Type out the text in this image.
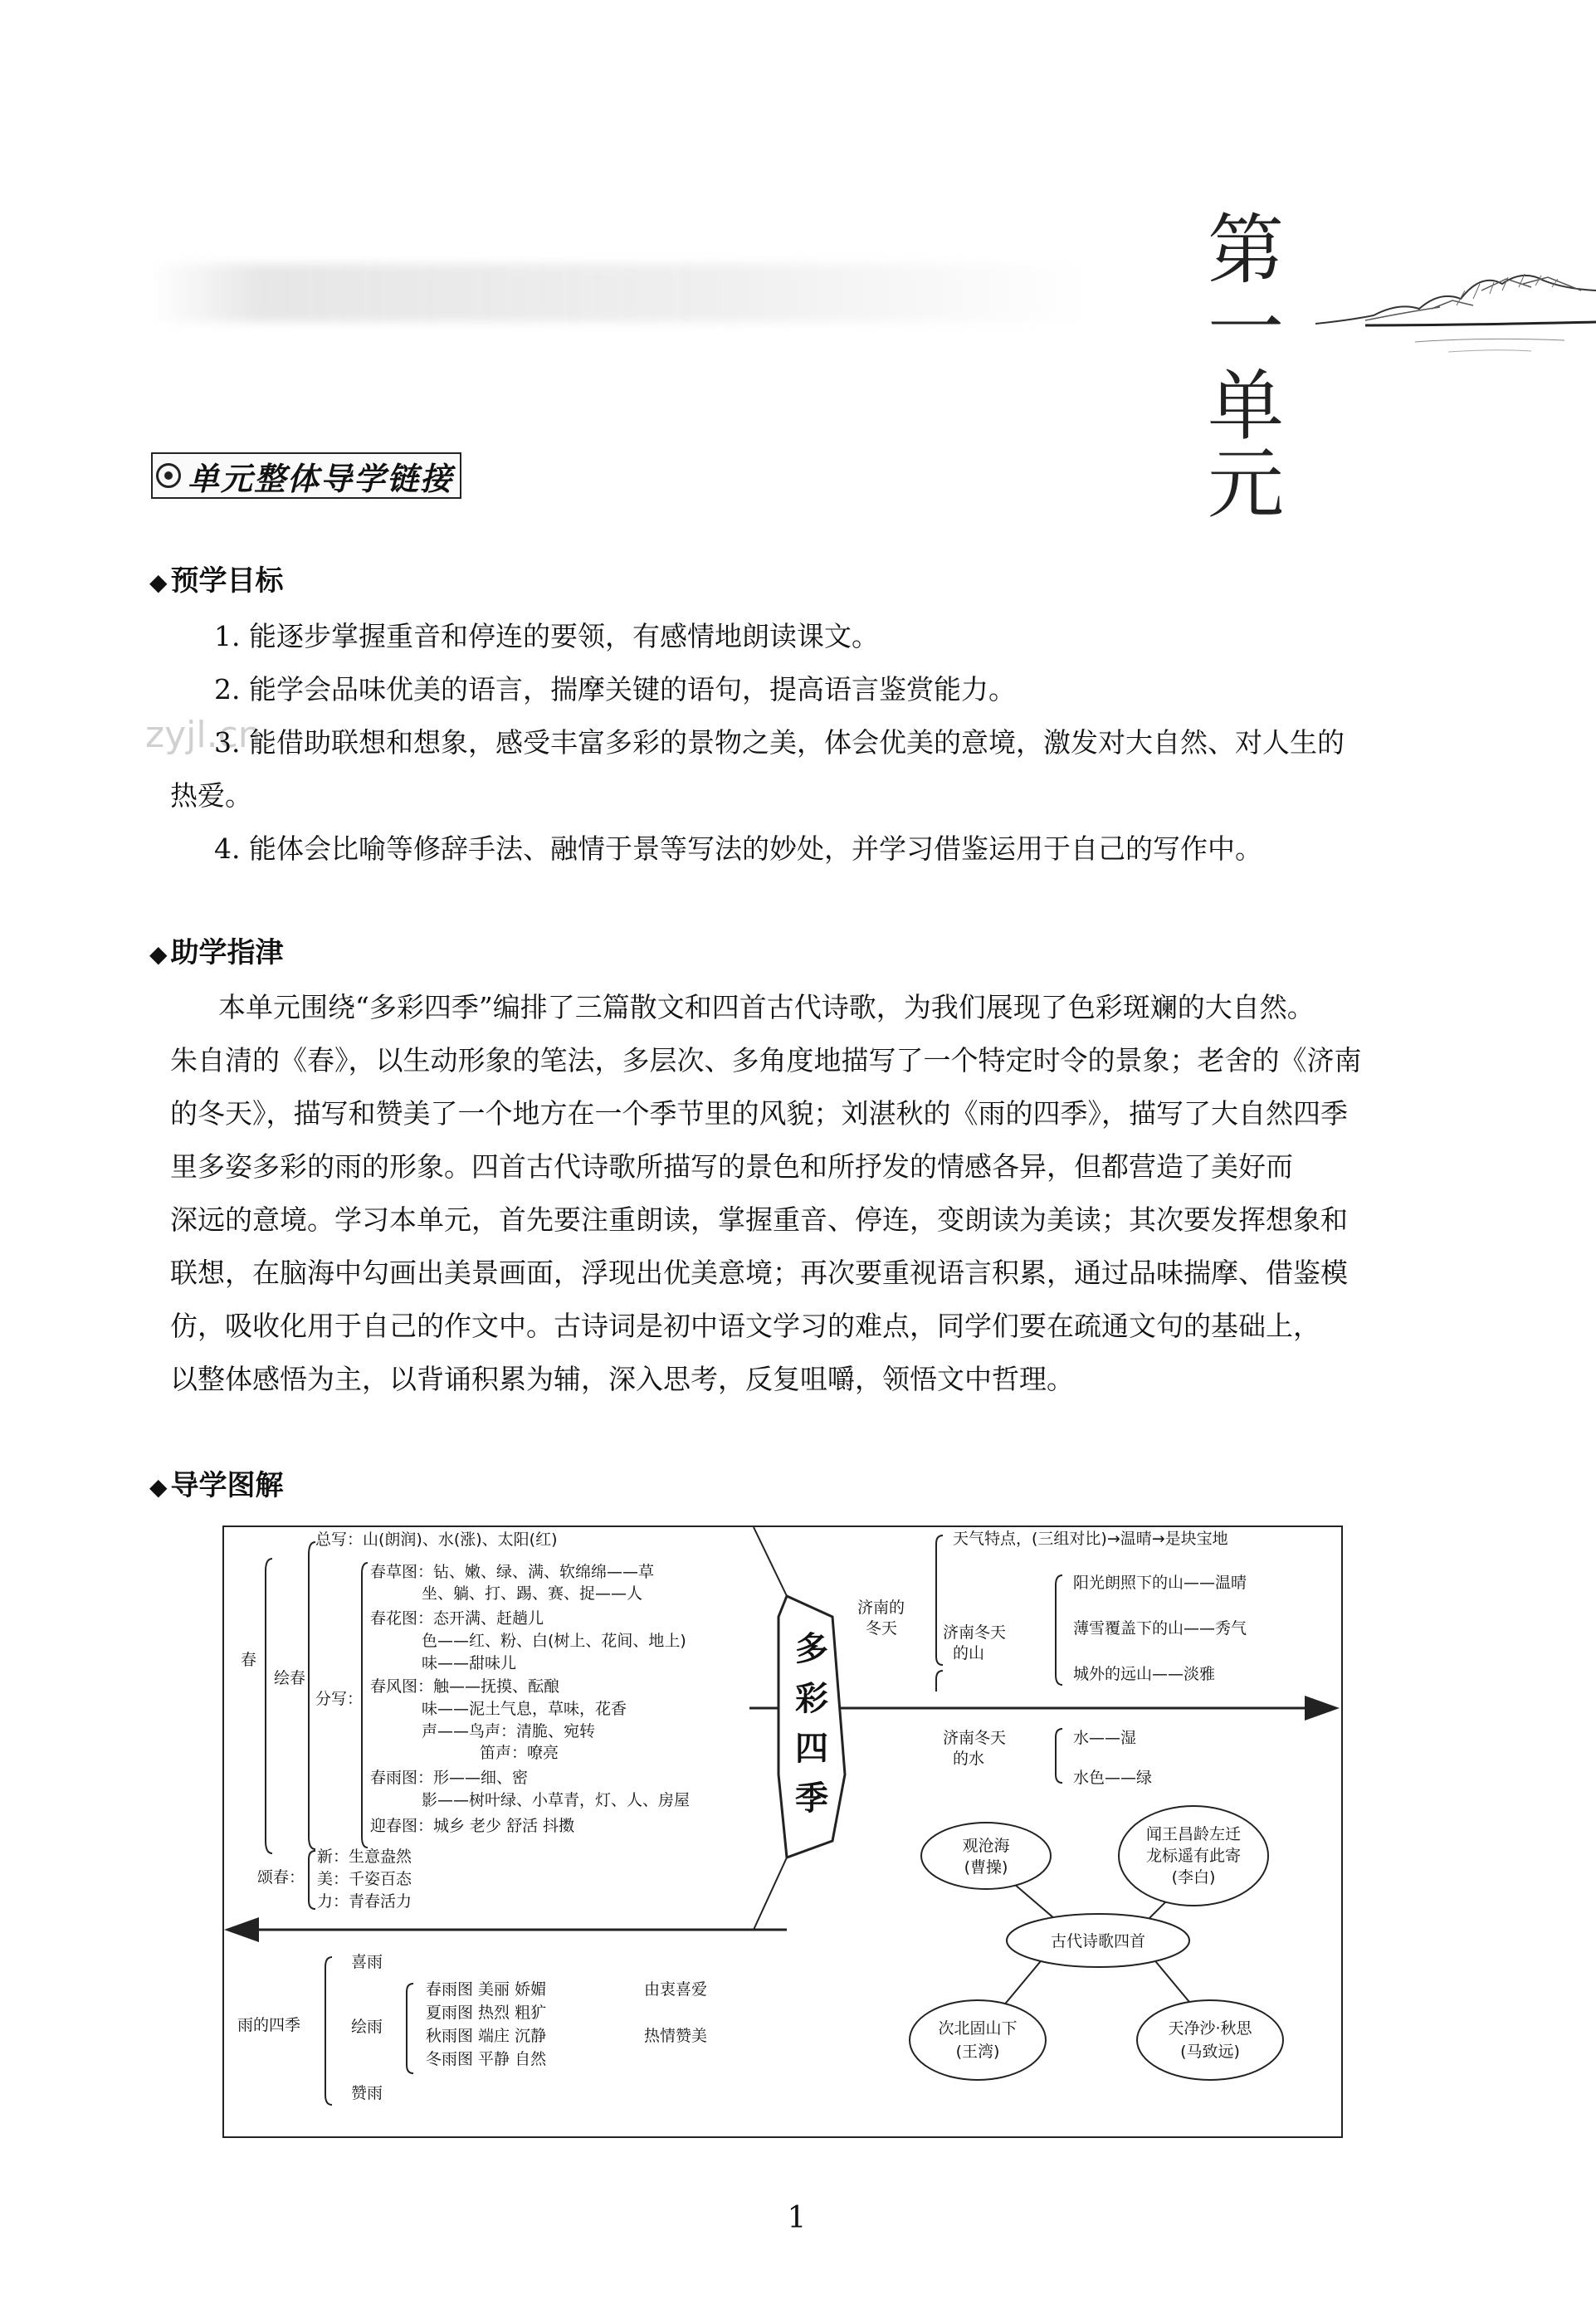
第
一
单
元
单元整体导学链接
zyjl.cn
◆ 预学目标
1. 能逐步掌握重音和停连的要领，有感情地朗读课文。
2. 能学会品味优美的语言，揣摩关键的语句，提高语言鉴赏能力。
3. 能借助联想和想象，感受丰富多彩的景物之美，体会优美的意境，激发对大自然、对人生的
热爱。
4. 能体会比喻等修辞手法、融情于景等写法的妙处，并学习借鉴运用于自己的写作中。
◆ 助学指津
本单元围绕“多彩四季”编排了三篇散文和四首古代诗歌，为我们展现了色彩斑斓的大自然。
朱自清的《春》，以生动形象的笔法，多层次、多角度地描写了一个特定时令的景象；老舍的《济南
的冬天》，描写和赞美了一个地方在一个季节里的风貌；刘湛秋的《雨的四季》，描写了大自然四季
里多姿多彩的雨的形象。四首古代诗歌所描写的景色和所抒发的情感各异，但都营造了美好而
深远的意境。学习本单元，首先要注重朗读，掌握重音、停连，变朗读为美读；其次要发挥想象和
联想，在脑海中勾画出美景画面，浮现出优美意境；再次要重视语言积累，通过品味揣摩、借鉴模
仿，吸收化用于自己的作文中。古诗词是初中语文学习的难点，同学们要在疏通文句的基础上，
以整体感悟为主，以背诵积累为辅，深入思考，反复咀嚼，领悟文中哲理。
◆ 导学图解
多
彩
四
季
春
绘春
总写：山(朗润)、水(涨)、太阳(红)
分写：
春草图：钻、嫩、绿、满、软绵绵——草
坐、躺、打、踢、赛、捉——人
春花图：态开满、赶趟儿
色——红、粉、白(树上、花间、地上)
味——甜味儿
春风图：触——抚摸、酝酿
味——泥土气息，草味，花香
声——鸟声：清脆、宛转
笛声：嘹亮
春雨图：形——细、密
影——树叶绿、小草青，灯、人、房屋
迎春图：城乡 老少 舒活 抖擞
颂春：
新：生意盎然
美：千姿百态
力：青春活力
雨的四季
喜雨
绘雨
赞雨
春雨图 美丽 娇媚
夏雨图 热烈 粗犷
秋雨图 端庄 沉静
冬雨图 平静 自然
由衷喜爱
热情赞美
济南的
冬天
天气特点，(三组对比)→温晴→是块宝地
济南冬天
的山
阳光朗照下的山——温晴
薄雪覆盖下的山——秀气
城外的远山——淡雅
济南冬天
的水
水——湿
水色——绿
观沧海
(曹操)
闻王昌龄左迁
龙标遥有此寄
(李白)
古代诗歌四首
次北固山下
(王湾)
天净沙·秋思
(马致远)
1
